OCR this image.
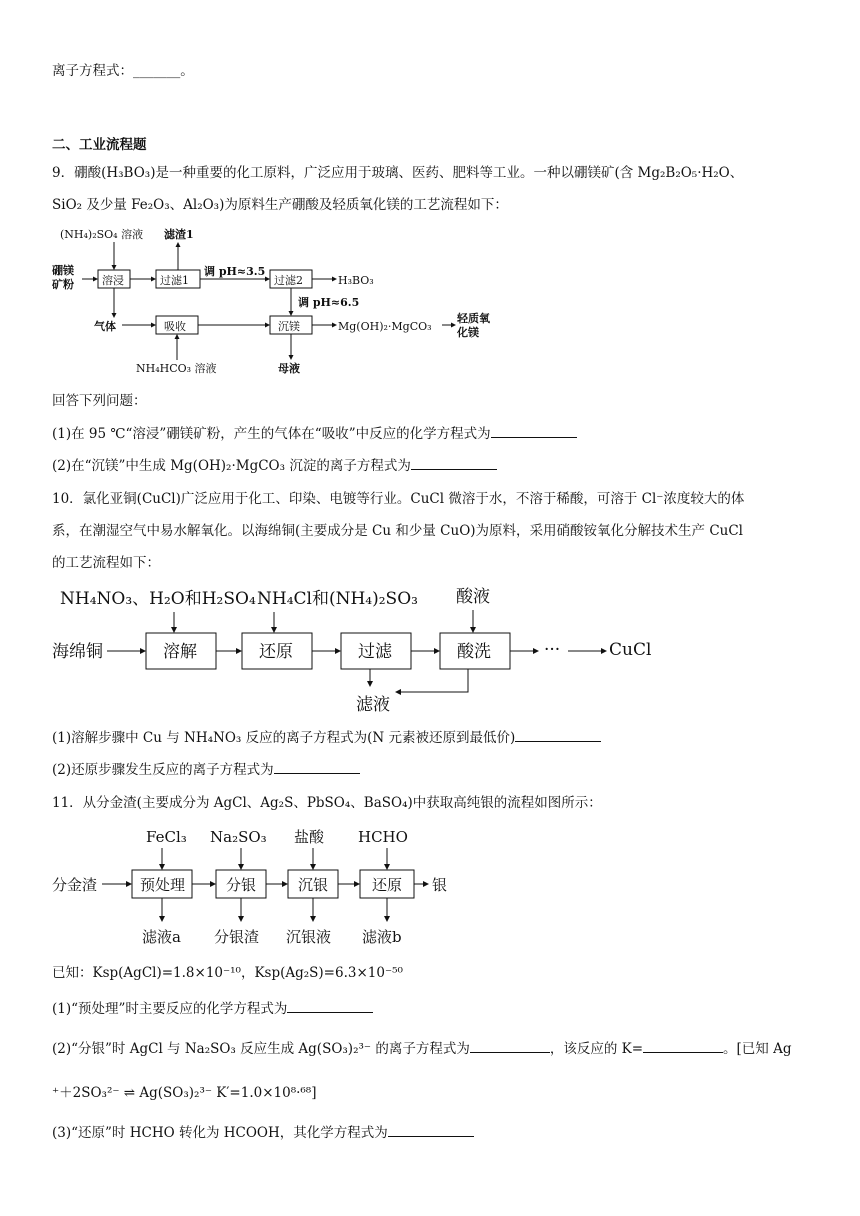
离子方程式：_______。
二、工业流程题
9．硼酸(H₃BO₃)是一种重要的化工原料，广泛应用于玻璃、医药、肥料等工业。一种以硼镁矿(含 Mg₂B₂O₅·H₂O、
SiO₂ 及少量 Fe₂O₃、Al₂O₃)为原料生产硼酸及轻质氧化镁的工艺流程如下：
(NH₄)₂SO₄ 溶液 滤渣1
硼镁
矿粉	溶浸	过滤1
调 pH≈3.5
过滤2	H₃BO₃
调 pH≈6.5
气体	吸收	沉镁	Mg(OH)₂·MgCO₃
轻质氧
化镁
NH₄HCO₃ 溶液	母液
回答下列问题：
(1)在 95 ℃“溶浸”硼镁矿粉，产生的气体在“吸收”中反应的化学方程式为
(2)在“沉镁”中生成 Mg(OH)₂·MgCO₃ 沉淀的离子方程式为
10．氯化亚铜(CuCl)广泛应用于化工、印染、电镀等行业。CuCl 微溶于水，不溶于稀酸，可溶于 Cl⁻浓度较大的体
系，在潮湿空气中易水解氧化。以海绵铜(主要成分是 Cu 和少量 CuO)为原料，采用硝酸铵氧化分解技术生产 CuCl
的工艺流程如下：
NH₄NO₃、H₂O和H₂SO₄ NH₄Cl和(NH₄)₂SO₃ 酸液
海绵铜	溶解	还原	过滤	酸洗	···	CuCl
滤液
(1)溶解步骤中 Cu 与 NH₄NO₃ 反应的离子方程式为(N 元素被还原到最低价)
(2)还原步骤发生反应的离子方程式为
11．从分金渣(主要成分为 AgCl、Ag₂S、PbSO₄、BaSO₄)中获取高纯银的流程如图所示：
FeCl₃ Na₂SO₃ 盐酸 HCHO
分金渣	预处理	分银	沉银	还原 银
滤液a 分银渣 沉银液 滤液b
已知：Ksp(AgCl)=1.8×10⁻¹⁰，Ksp(Ag₂S)=6.3×10⁻⁵⁰
(1)“预处理”时主要反应的化学方程式为
(2)“分银”时 AgCl 与 Na₂SO₃ 反应生成 Ag(SO₃)₂³⁻ 的离子方程式为	，该反应的 K=	。[已知 Ag
⁺＋2SO₃²⁻ ⇌ Ag(SO₃)₂³⁻ K′=1.0×10⁸·⁶⁸]
(3)“还原”时 HCHO 转化为 HCOOH，其化学方程式为
